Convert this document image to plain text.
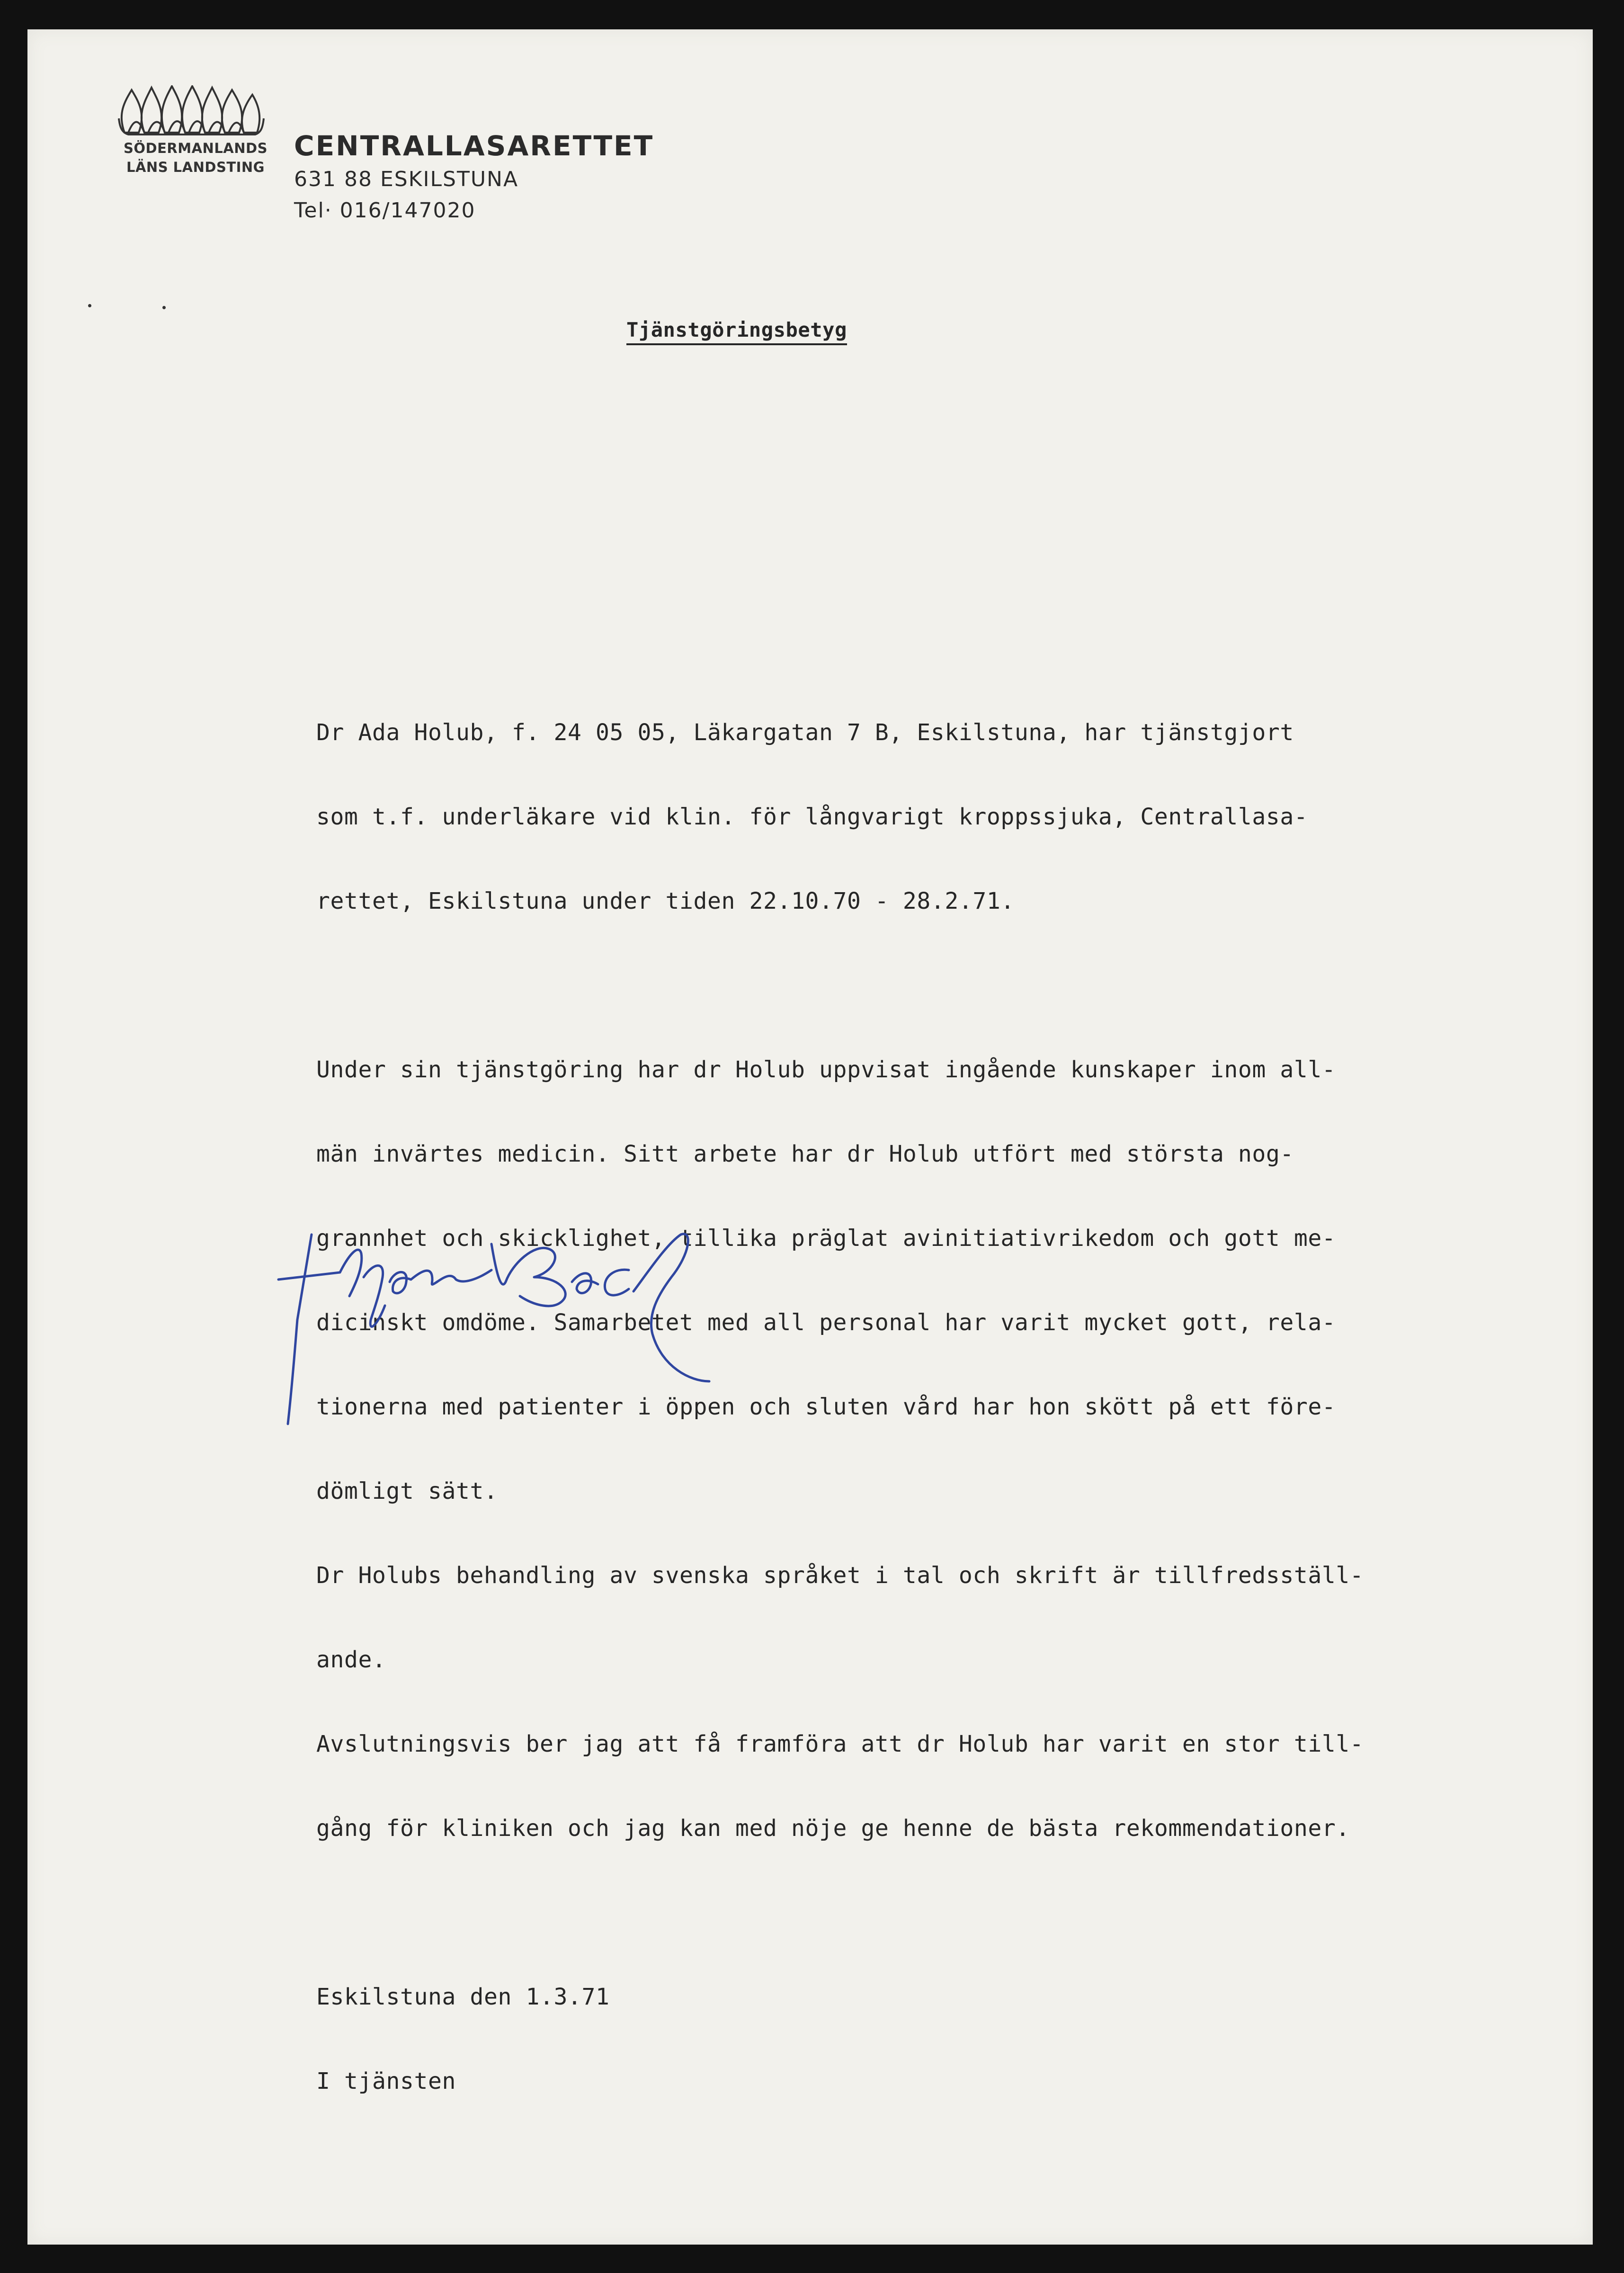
SÖDERMANLANDS
LÄNS LANDSTING
CENTRALLASARETTET
631 88 ESKILSTUNA
Tel· 016/147020
Tjänstgöringsbetyg

Dr Ada Holub, f. 24 05 05, Läkargatan 7 B, Eskilstuna, har tjänstgjort

som t.f. underläkare vid klin. för långvarigt kroppssjuka, Centrallasa-

rettet, Eskilstuna under tiden 22.10.70 - 28.2.71.

Under sin tjänstgöring har dr Holub uppvisat ingående kunskaper inom all-

män invärtes medicin. Sitt arbete har dr Holub utfört med största nog-

grannhet och skicklighet, tillika präglat avinitiativrikedom och gott me-

dicinskt omdöme. Samarbetet med all personal har varit mycket gott, rela-

tionerna med patienter i öppen och sluten vård har hon skött på ett före-

dömligt sätt.

Dr Holubs behandling av svenska språket i tal och skrift är tillfredsställ-

ande.

Avslutningsvis ber jag att få framföra att dr Holub har varit en stor till-

gång för kliniken och jag kan med nöje ge henne de bästa rekommendationer.

Eskilstuna den 1.3.71

I tjänsten
